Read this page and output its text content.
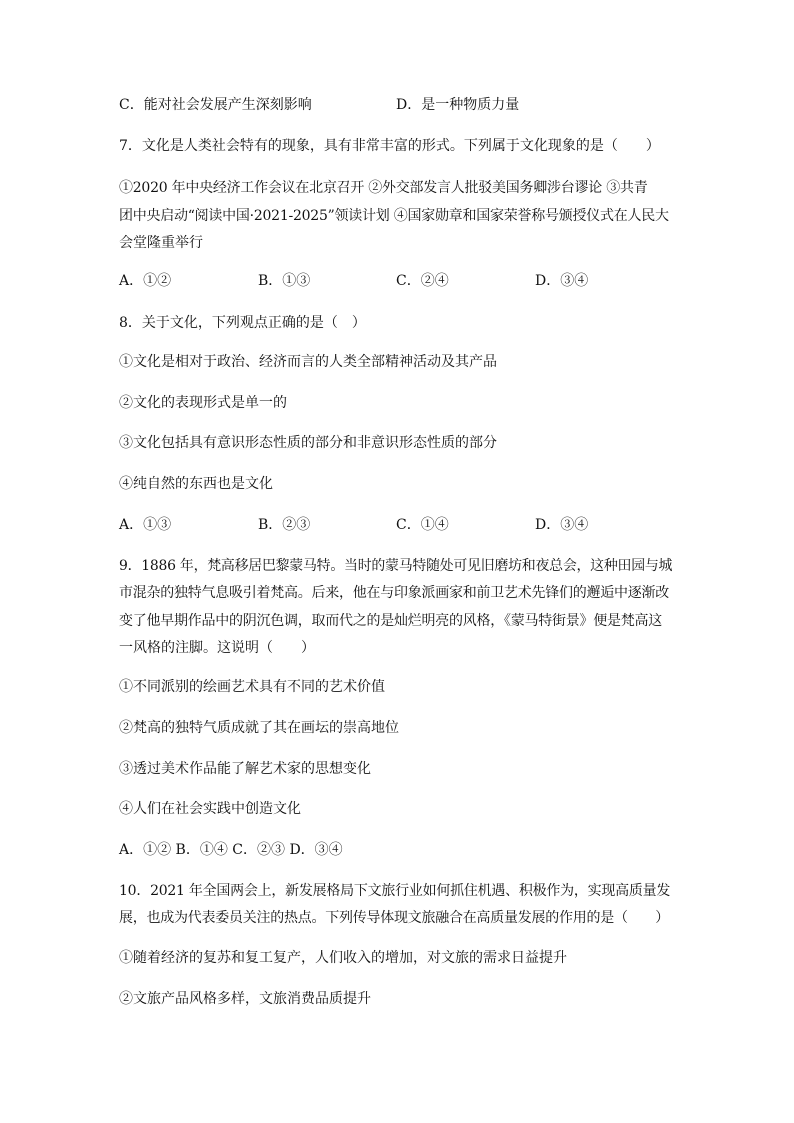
C．能对社会发展产生深刻影响	D．是一种物质力量
7．文化是人类社会特有的现象，具有非常丰富的形式。下列属于文化现象的是（　　）
①2020 年中央经济工作会议在北京召开 ②外交部发言人批驳美国务卿涉台谬论 ③共青
团中央启动“阅读中国·2021-2025”领读计划 ④国家勋章和国家荣誉称号颁授仪式在人民大
会堂隆重举行
A．①②	B．①③	C．②④	D．③④
8．关于文化，下列观点正确的是（　）
①文化是相对于政治、经济而言的人类全部精神活动及其产品
②文化的表现形式是单一的
③文化包括具有意识形态性质的部分和非意识形态性质的部分
④纯自然的东西也是文化
A．①③	B．②③	C．①④	D．③④
9．1886 年，梵高移居巴黎蒙马特。当时的蒙马特随处可见旧磨坊和夜总会，这种田园与城
市混杂的独特气息吸引着梵高。后来，他在与印象派画家和前卫艺术先锋们的邂逅中逐渐改
变了他早期作品中的阴沉色调，取而代之的是灿烂明亮的风格，《蒙马特街景》便是梵高这
一风格的注脚。这说明（　　）
①不同派别的绘画艺术具有不同的艺术价值
②梵高的独特气质成就了其在画坛的崇高地位
③透过美术作品能了解艺术家的思想变化
④人们在社会实践中创造文化
A．①② B．①④ C．②③ D．③④
10．2021 年全国两会上，新发展格局下文旅行业如何抓住机遇、积极作为，实现高质量发
展，也成为代表委员关注的热点。下列传导体现文旅融合在高质量发展的作用的是（　　）
①随着经济的复苏和复工复产，人们收入的增加，对文旅的需求日益提升
②文旅产品风格多样，文旅消费品质提升
